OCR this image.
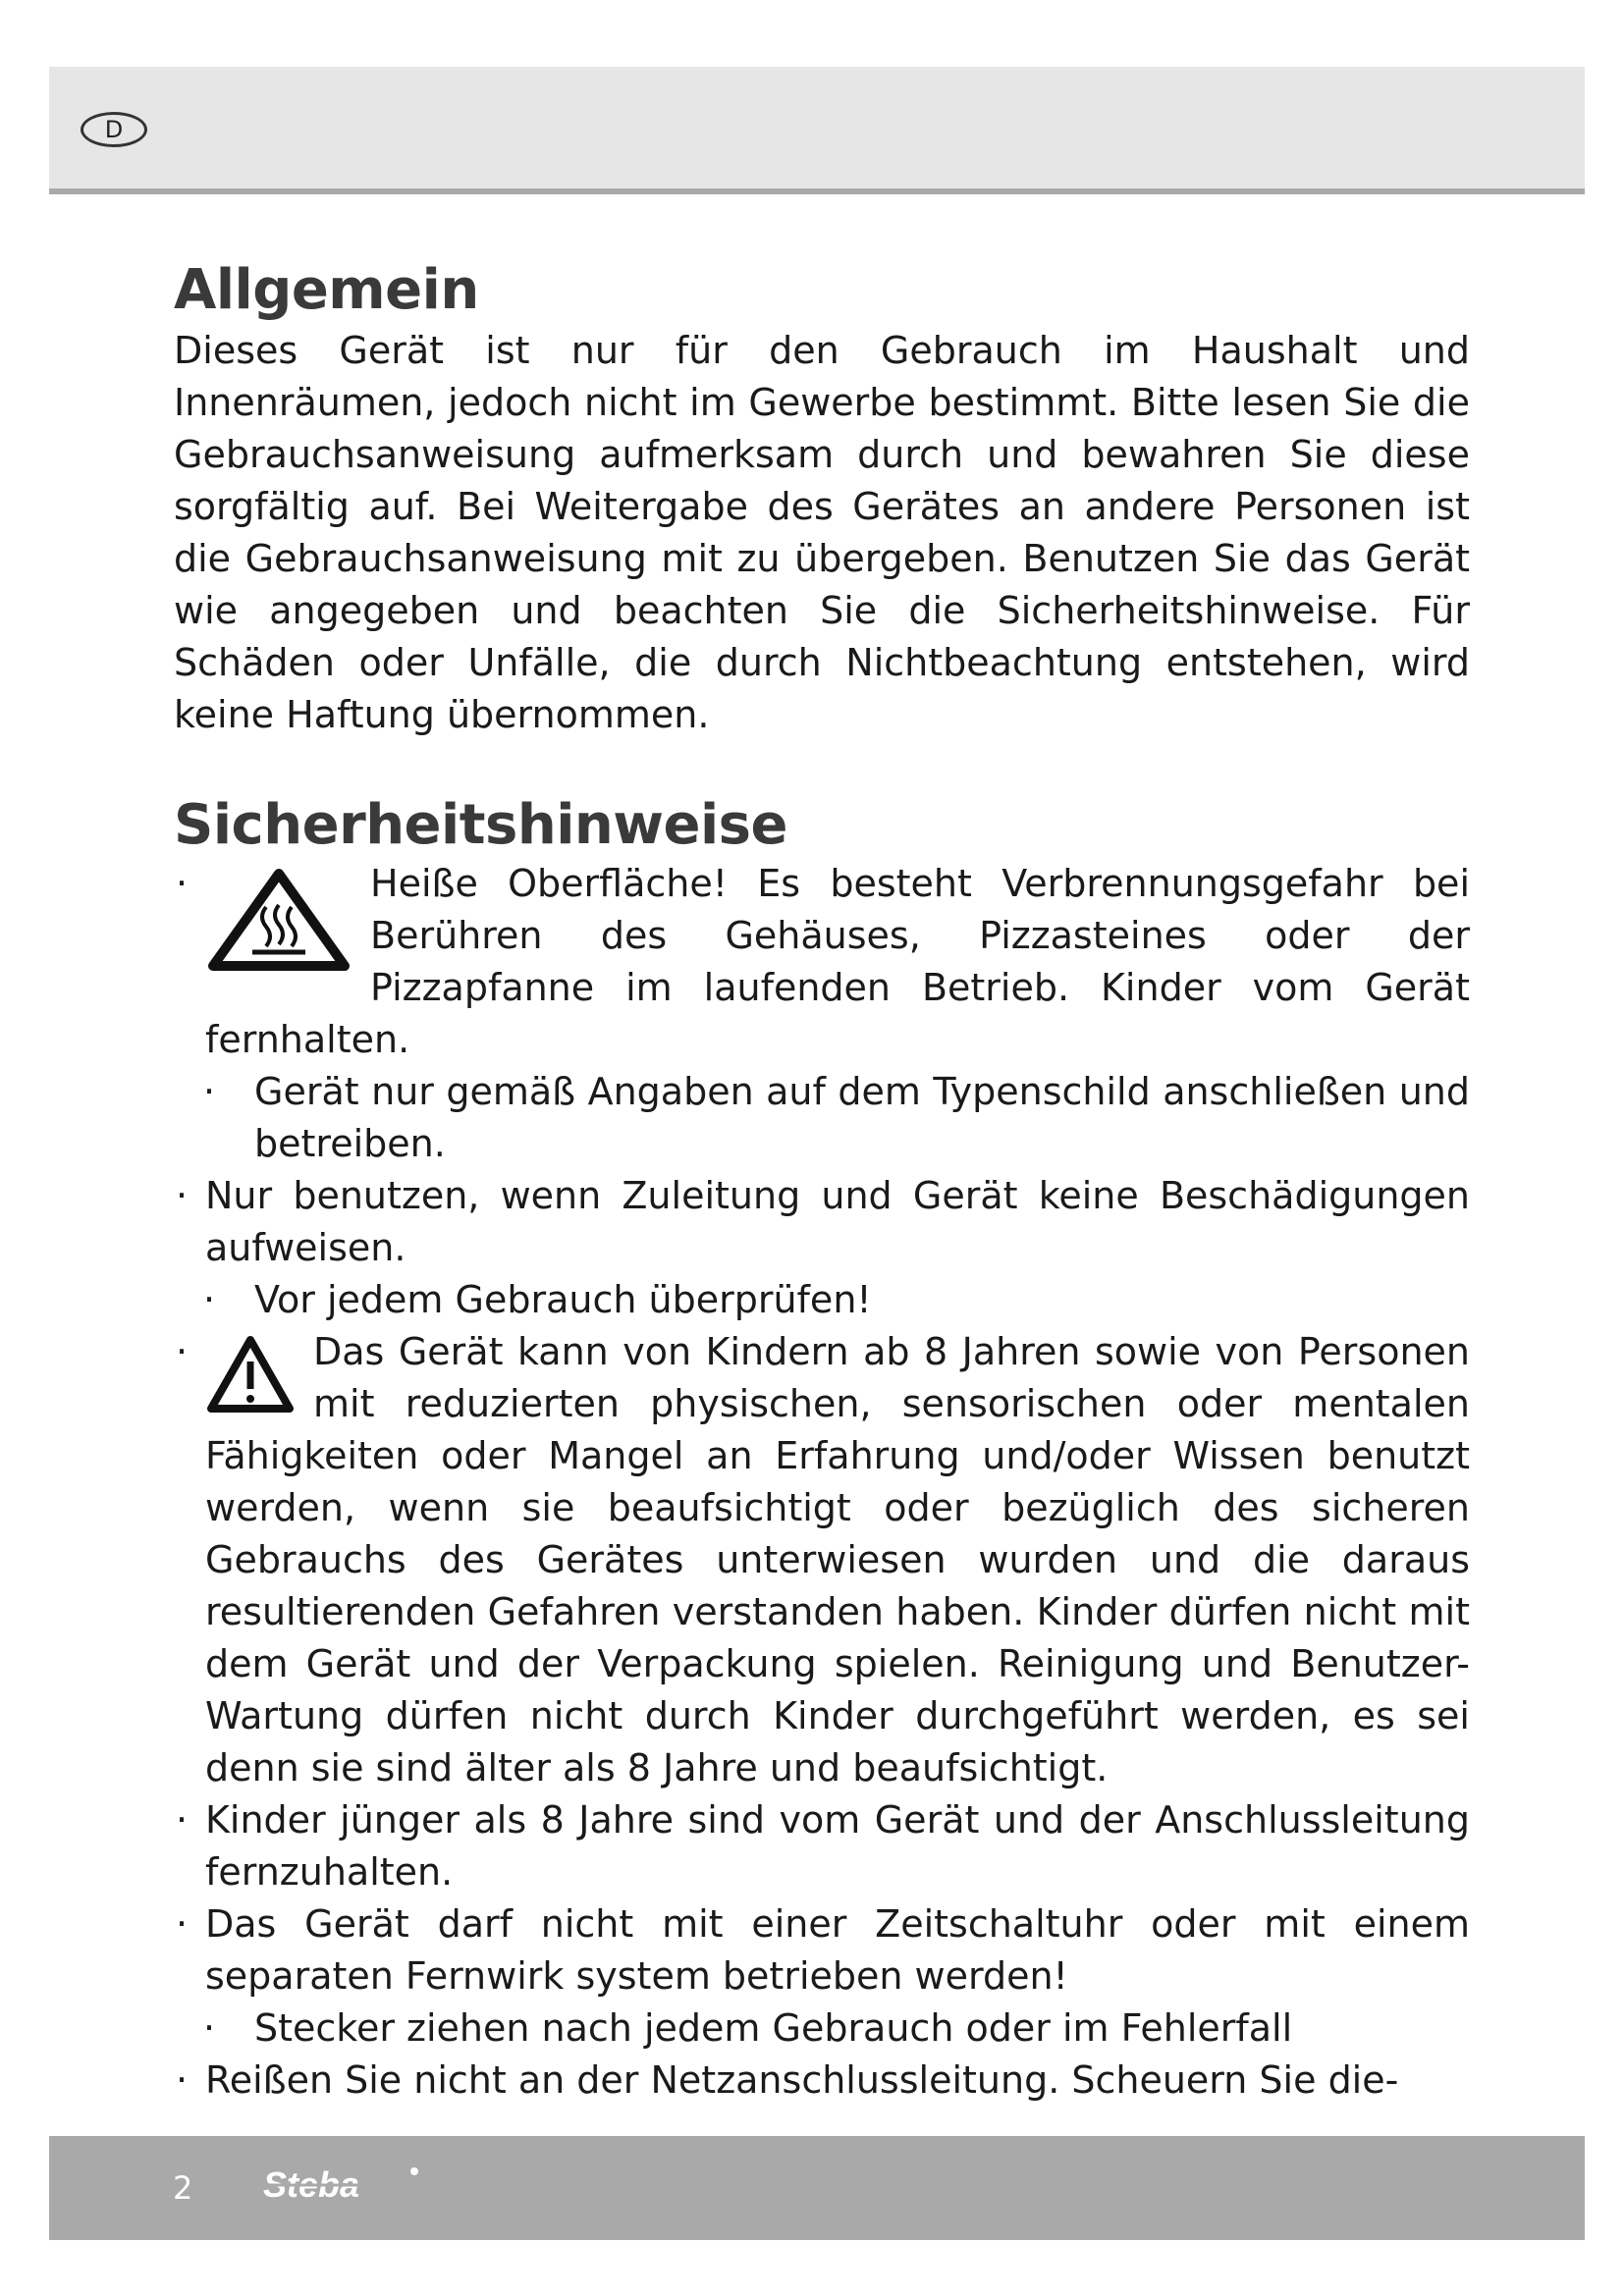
D
Allgemein

Dieses Gerät ist nur für den Gebrauch im Haushalt und Innenräumen, jedoch nicht im Gewerbe bestimmt. Bitte lesen Sie die Gebrauchsanweisung aufmerksam durch und bewahren Sie diese sorgfältig auf. Bei Weitergabe des Gerätes an andere Personen ist die Gebrauchsanweisung mit zu übergeben. Benutzen Sie das Gerät wie angegeben und beachten Sie die Sicherheitshinweise. Für Schäden oder Unfälle, die durch Nichtbeachtung entstehen, wird keine Haftung übernommen.

Sicherheitshinweise
·	Heiße Oberfläche! Es besteht Verbrennungsgefahr bei Berühren des Gehäuses, Pizzasteines oder der Pizzapfanne im laufenden Betrieb. Kinder vom Gerät fernhalten.
· Gerät nur gemäß Angaben auf dem Typenschild anschließen und betreiben.
· Nur benutzen, wenn Zuleitung und Gerät keine Beschädigungen aufweisen.
· Vor jedem Gebrauch überprüfen!
·	Das Gerät kann von Kindern ab 8 Jahren sowie von Personen mit reduzierten physischen, sensorischen oder mentalen Fähigkeiten oder Mangel an Erfahrung und/oder Wissen benutzt werden, wenn sie beaufsichtigt oder bezüglich des sicheren Gebrauchs des Gerätes unterwiesen wurden und die daraus resultierenden Gefahren verstanden haben. Kinder dürfen nicht mit dem Gerät und der Verpackung spielen. Reinigung und Benutzer-Wartung dürfen nicht durch Kinder durchgeführt werden, es sei denn sie sind älter als 8 Jahre und beaufsichtigt.
· Kinder jünger als 8 Jahre sind vom Gerät und der Anschlussleitung fernzuhalten.
· Das Gerät darf nicht mit einer Zeitschaltuhr oder mit einem separaten Fernwirk system betrieben werden!
· Stecker ziehen nach jedem Gebrauch oder im Fehlerfall
· Reißen Sie nicht an der Netzanschlussleitung. Scheuern Sie die-
2 Steba
